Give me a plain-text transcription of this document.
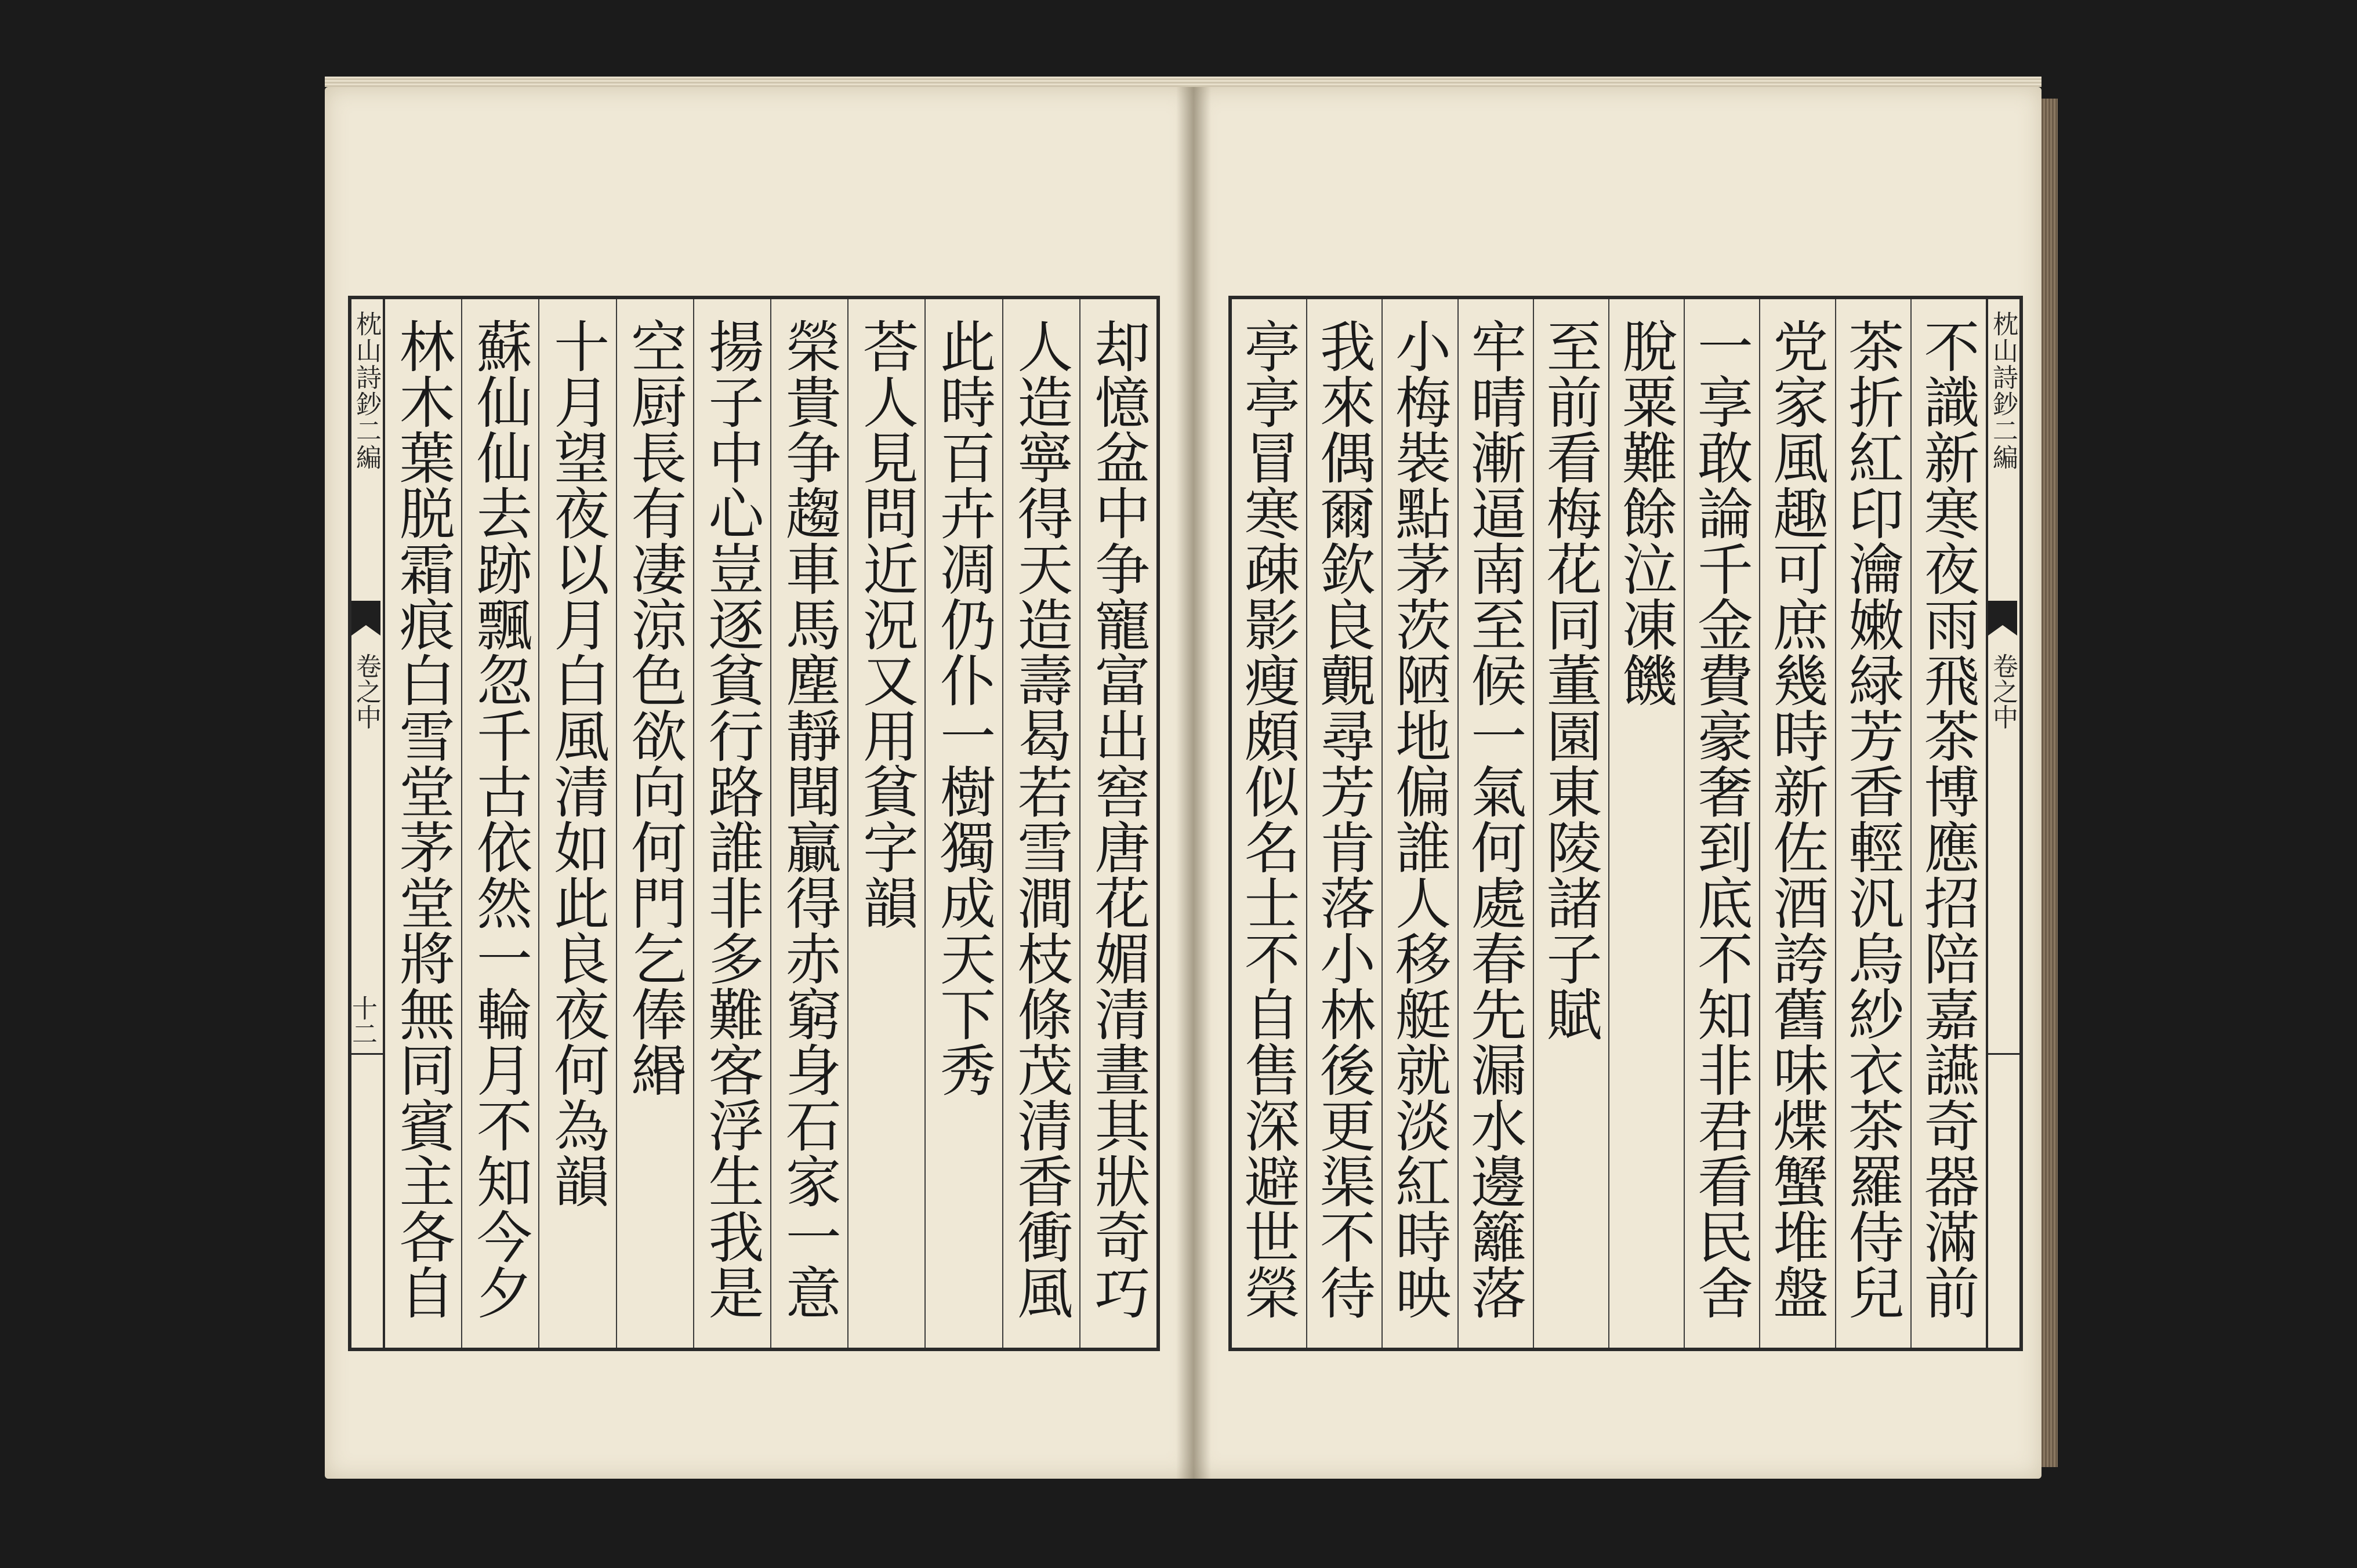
枕山詩鈔二編
卷之中
十二
却憶盆中争寵富出窖唐花媚清晝其狀奇巧
人造寧得天造壽曷若雪澗枝條茂清香衝風
此時百卉凋仍仆一樹獨成天下秀
荅人見問近況又用貧字韻
榮貴争趨車馬塵靜聞贏得赤窮身石家一意
揚子中心豈逐貧行路誰非多難客浮生我是
空厨長有凄涼色欲向何門乞俸緡
十月望夜以月白風清如此良夜何為韻
蘇仙仙去跡飄忽千古依然一輪月不知今夕
林木葉脱霜痕白雪堂茅堂將無同賓主各自
不識新寒夜雨飛茶博應招陪嘉讌奇器滿前
茶折紅印瀹嫩緑芳香輕汎烏紗衣茶羅侍兒
党家風趣可庶幾時新佐酒誇舊味煠蟹堆盤
一享敢論千金費豪奢到底不知非君看民舍
脫粟難餘泣凍饑
至前看梅花同董園東陵諸子賦
牢晴漸逼南至候一氣何處春先漏水邊籬落
小梅裝點茅茨陋地偏誰人移艇就淡紅時映
我來偶爾欽良覿尋芳肯落小林後更渠不待
亭亭冒寒疎影瘦頗似名士不自售深避世榮
枕山詩鈔二編
卷之中
